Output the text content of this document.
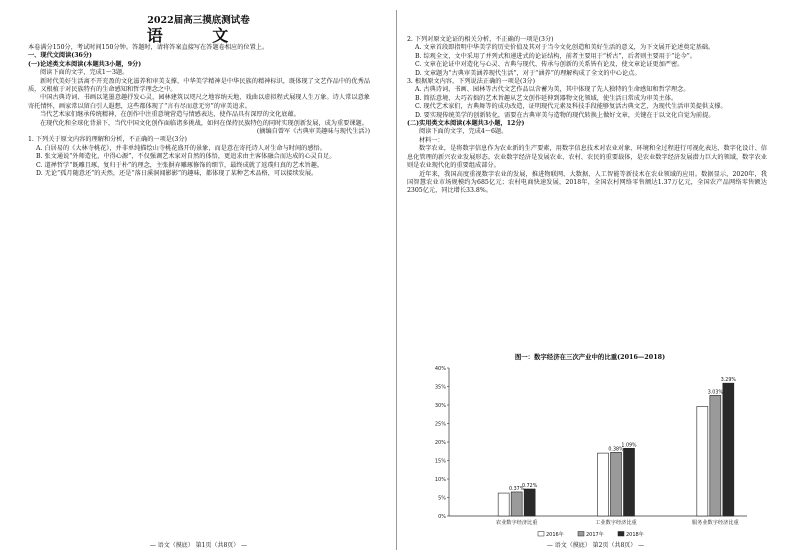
2022届高三摸底测试卷
语 文

本卷满分150分，考试时间150分钟。答题时，请将答案直接写在答题卷相应的位置上。

一、现代文阅读(36分)

(一)论述类文本阅读(本题共3小题，9分)

阅读下面的文字，完成1～3题。

新时代美好生活离不开充盈的文化滋养和审美支撑，中华美学精神是中华民族的精神标识，既体现了文艺作品中的优秀品质，又根植于对民族特有的生命感知和哲学理念之中。

中国古典诗词、书画以笔墨意趣抒发心灵，园林建筑以咫尺之地容纳天地，戏曲以虚拟程式展现人生万象。诗人常以意象寄托情怀，画家常以留白引人遐想，这些都体现了“言有尽而意无穷”的审美追求。

当代艺术家们继承传统精神，在创作中注重意境营造与情感表达，使作品具有深厚的文化底蕴。

在现代化和全球化背景下，当代中国文化创作面临诸多挑战，如何在保持民族特色的同时实现创新发展，成为重要课题。

(摘编自曾军《古典审美趣味与现代生活》)

1. 下列关于原文内容的理解和分析，不正确的一项是(3分)

A. 白居易的《大林寺桃花》，并非单纯描绘山寺桃花盛开的景象，而是意在寄托诗人对生命与时间的感悟。

B. 张文通说“外师造化，中得心源”，不仅强调艺术家对自然的体悟，更追求由主客体融合而达成的心灵自足。

C. 道禅哲学“既雕且琢，复归于朴”的理念，主张摒弃雕琢修饰的细节，最终成就了返璞归真的艺术旨趣。

D. 无论“孤月随意还”的天然，还是“落日溪洞闻影影”的趣味，都体现了某种艺术品格，可以接续发展。

— 语文（摸底） 第1页（共8页） —

2. 下列对原文论证的相关分析，不正确的一项是(3分)

A. 文章首段即指明中华美学的历史价值及其对于当今文化创造和美好生活的意义，为下文展开论述奠定基础。

B. 综观全文，文中采用了并列式和递进式的论证结构，前者主要用于“析古”，后者则主要用于“论今”。

C. 文章在论证中对造化与心灵、古典与现代、传承与创新的关系皆有论及，使文章论证更加严密。

D. 文章题为“古典审美涵养现代生活”，对于“涵养”的理解构成了全文的中心论点。

3. 根据原文内容，下列说法正确的一项是(3分)

A. 古典诗词、书画、园林等古代文艺作品以含蓄为美，其中体现了先人独特的生命感知和哲学理念。

B. 简括意境、大巧若拙的艺术旨趣从艺文创作延伸到器物文化领域，使生活日常成为审美主体。

C. 现代艺术家们，古典舞等的成功改造，证明现代元素及科技手段能够复活古典文艺，为现代生活审美提供支撑。

D. 要实现传统美学的创新转化，需要在古典审美与造物的现代转换上做好文章，关键在于以文化自觉为前提。

(二)实用类文本阅读(本题共3小题，12分)

阅读下面的文字，完成4～6题。

材料一：

数字农业，是将数字信息作为农业新的生产要素，用数字信息技术对农业对象、环境和全过程进行可视化表达、数字化设计、信息化管理的新兴农业发展形态。农业数字经济是发展农业、农村、农民的重要载体，是农业数字经济发展潜力巨大的领域，数字农业则是农业现代化的重要组成部分。

近年来，我国高度重视数字农业的发展，推进物联网、大数据、人工智能等新技术在农业领域的应用。数据显示，2020年，我国智慧农业市场规模约为685亿元；农村电商快速发展，2018年，全国农村网络零售额达1.37万亿元，全国农产品网络零售额达2305亿元，同比增长33.8%。

图一：数字经济在三次产业中的比重(2016—2018)
40%
35%
30%
25%
20%
15%
10%
5%
0%
0.37%
0.72%
农业数字经济比重
0.38%
1.09%
工业数字经济比重
3.03%
3.29%
服务业数字经济比重
2016年	2017年	2018年
— 语文（摸底） 第2页（共8页） —
